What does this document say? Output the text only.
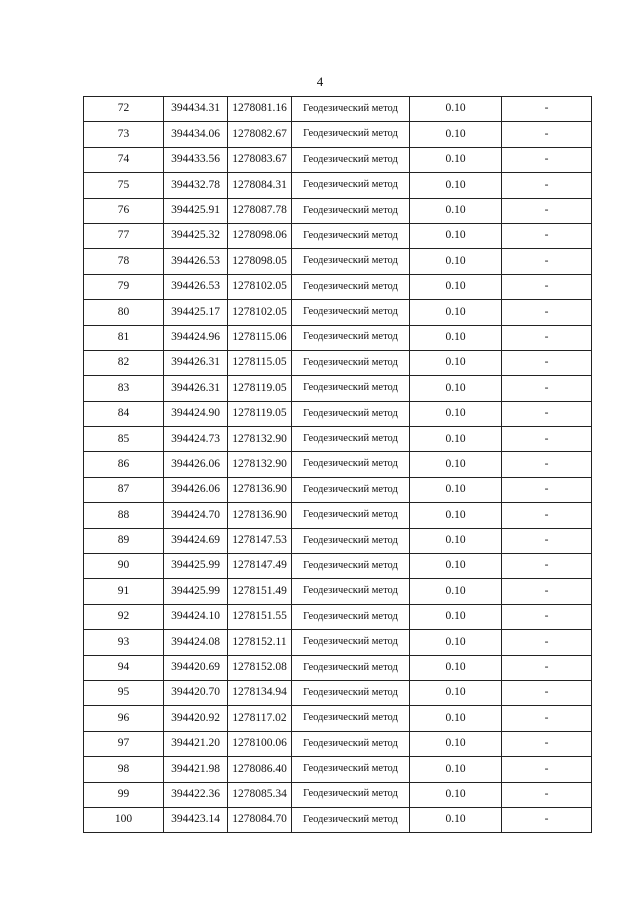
4
72	394434.31	1278081.16	Геодезический метод	0.10	-
73	394434.06	1278082.67	Геодезический метод	0.10	-
74	394433.56	1278083.67	Геодезический метод	0.10	-
75	394432.78	1278084.31	Геодезический метод	0.10	-
76	394425.91	1278087.78	Геодезический метод	0.10	-
77	394425.32	1278098.06	Геодезический метод	0.10	-
78	394426.53	1278098.05	Геодезический метод	0.10	-
79	394426.53	1278102.05	Геодезический метод	0.10	-
80	394425.17	1278102.05	Геодезический метод	0.10	-
81	394424.96	1278115.06	Геодезический метод	0.10	-
82	394426.31	1278115.05	Геодезический метод	0.10	-
83	394426.31	1278119.05	Геодезический метод	0.10	-
84	394424.90	1278119.05	Геодезический метод	0.10	-
85	394424.73	1278132.90	Геодезический метод	0.10	-
86	394426.06	1278132.90	Геодезический метод	0.10	-
87	394426.06	1278136.90	Геодезический метод	0.10	-
88	394424.70	1278136.90	Геодезический метод	0.10	-
89	394424.69	1278147.53	Геодезический метод	0.10	-
90	394425.99	1278147.49	Геодезический метод	0.10	-
91	394425.99	1278151.49	Геодезический метод	0.10	-
92	394424.10	1278151.55	Геодезический метод	0.10	-
93	394424.08	1278152.11	Геодезический метод	0.10	-
94	394420.69	1278152.08	Геодезический метод	0.10	-
95	394420.70	1278134.94	Геодезический метод	0.10	-
96	394420.92	1278117.02	Геодезический метод	0.10	-
97	394421.20	1278100.06	Геодезический метод	0.10	-
98	394421.98	1278086.40	Геодезический метод	0.10	-
99	394422.36	1278085.34	Геодезический метод	0.10	-
100	394423.14	1278084.70	Геодезический метод	0.10	-
